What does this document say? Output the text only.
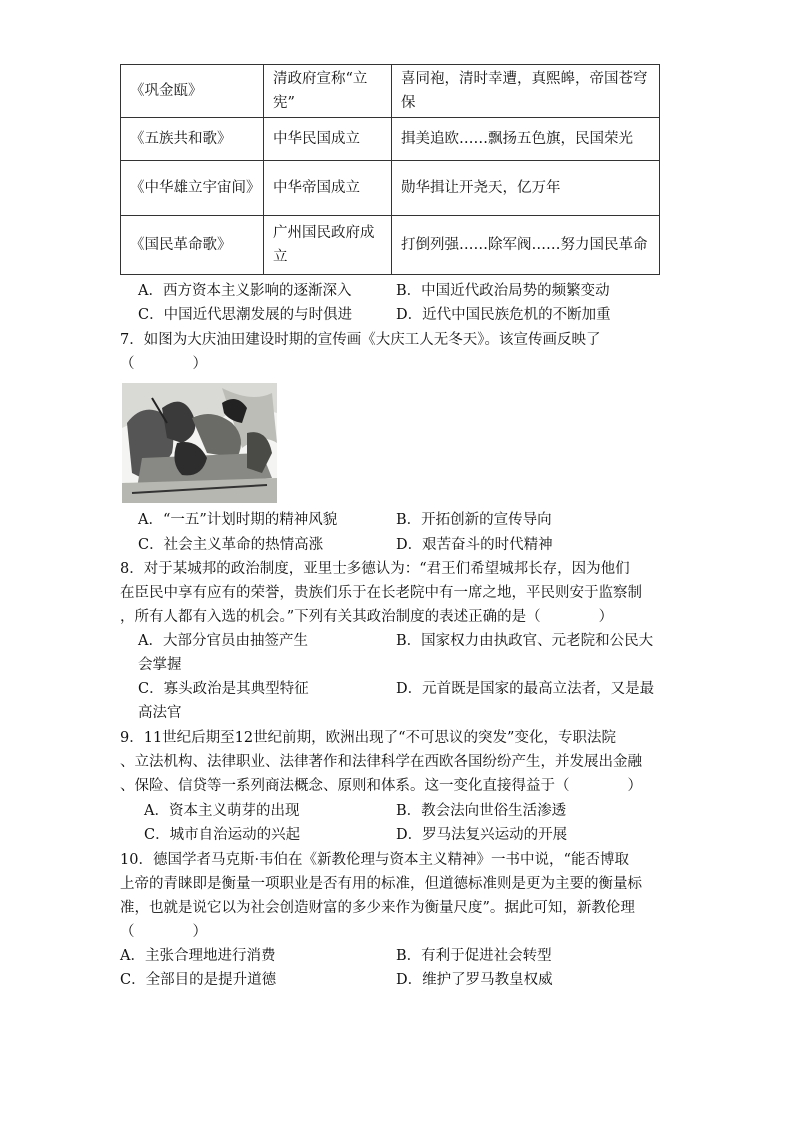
《巩金瓯》	清政府宣称“立宪”	喜同袍，清时幸遭，真熙皞，帝国苍穹保
《五族共和歌》	中华民国成立	揖美追欧……飘扬五色旗，民国荣光
《中华雄立宇宙间》	中华帝国成立	勋华揖让开尧天，亿万年
《国民革命歌》	广州国民政府成立	打倒列强……除军阀……努力国民革命
A．西方资本主义影响的逐渐深入	B．中国近代政治局势的频繁变动
C．中国近代思潮发展的与时俱进	D．近代中国民族危机的不断加重
7．如图为大庆油田建设时期的宣传画《大庆工人无冬天》。该宣传画反映了
（　　　　）
A．“一五”计划时期的精神风貌	B．开拓创新的宣传导向
C．社会主义革命的热情高涨	D．艰苦奋斗的时代精神
8．对于某城邦的政治制度，亚里士多德认为：“君王们希望城邦长存，因为他们
在臣民中享有应有的荣誉，贵族们乐于在长老院中有一席之地，平民则安于监察制
，所有人都有入选的机会。”下列有关其政治制度的表述正确的是（　　　　）
A．大部分官员由抽签产生	B．国家权力由执政官、元老院和公民大
会掌握
C．寡头政治是其典型特征	D．元首既是国家的最高立法者，又是最
高法官
9．11世纪后期至12世纪前期，欧洲出现了“不可思议的突发”变化，专职法院
、立法机构、法律职业、法律著作和法律科学在西欧各国纷纷产生，并发展出金融
、保险、信贷等一系列商法概念、原则和体系。这一变化直接得益于（　　　　）
A．资本主义萌芽的出现	B．教会法向世俗生活渗透
C．城市自治运动的兴起	D．罗马法复兴运动的开展
10．德国学者马克斯·韦伯在《新教伦理与资本主义精神》一书中说，“能否博取
上帝的青睐即是衡量一项职业是否有用的标准，但道德标准则是更为主要的衡量标
准，也就是说它以为社会创造财富的多少来作为衡量尺度”。据此可知，新教伦理
（　　　　）
A．主张合理地进行消费	B．有利于促进社会转型
C．全部目的是提升道德	D．维护了罗马教皇权威
